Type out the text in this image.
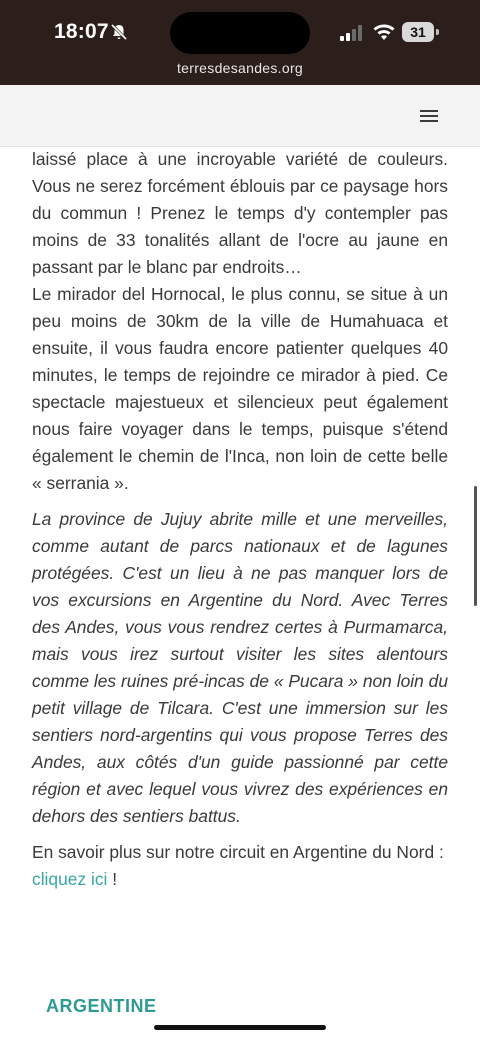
18:07	31
terresdesandes.org

laissé place à une incroyable variété de couleurs. Vous ne serez forcément éblouis par ce paysage hors du commun ! Prenez le temps d'y contempler pas moins de 33 tonalités allant de l'ocre au jaune en passant par le blanc par endroits…

Le mirador del Hornocal, le plus connu, se situe à un peu moins de 30km de la ville de Humahuaca et ensuite, il vous faudra encore patienter quelques 40 minutes, le temps de rejoindre ce mirador à pied. Ce spectacle majestueux et silencieux peut également nous faire voyager dans le temps, puisque s'étend également le chemin de l'Inca, non loin de cette belle « serrania ».

La province de Jujuy abrite mille et une merveilles, comme autant de parcs nationaux et de lagunes protégées. C'est un lieu à ne pas manquer lors de vos excursions en Argentine du Nord. Avec Terres des Andes, vous vous rendrez certes à Purmamarca, mais vous irez surtout visiter les sites alentours comme les ruines pré-incas de « Pucara » non loin du petit village de Tilcara. C'est une immersion sur les sentiers nord-argentins qui vous propose Terres des Andes, aux côtés d'un guide passionné par cette région et avec lequel vous vivrez des expériences en dehors des sentiers battus.

En savoir plus sur notre circuit en Argentine du Nord : cliquez ici !

ARGENTINE
